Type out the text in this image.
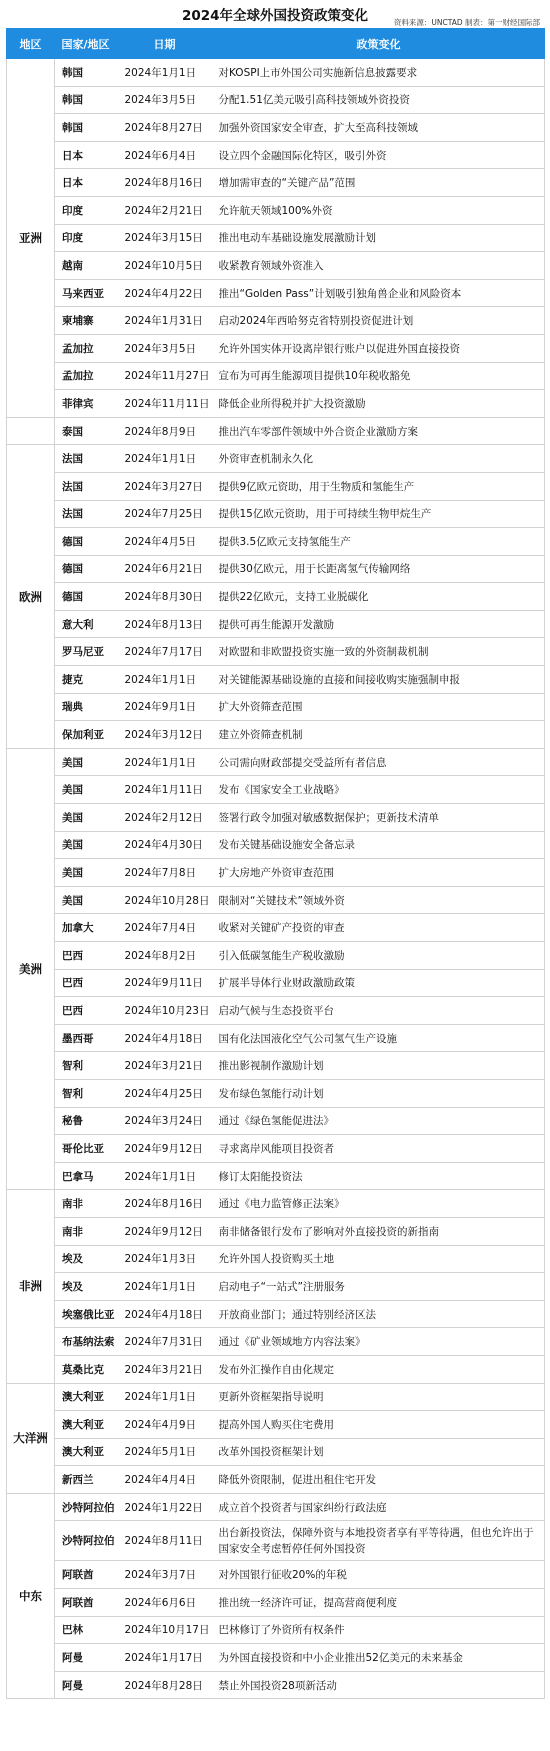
2024年全球外国投资政策变化	资料来源：UNCTAD 制表：第一财经国际部
地区	国家/地区	日期	政策变化
亚洲	韩国	2024年1月1日	对KOSPI上市外国公司实施新信息披露要求
	韩国	2024年3月5日	分配1.51亿美元吸引高科技领域外资投资
	韩国	2024年8月27日	加强外资国家安全审查，扩大至高科技领域
	日本	2024年6月4日	设立四个金融国际化特区，吸引外资
	日本	2024年8月16日	增加需审查的“关键产品”范围
	印度	2024年2月21日	允许航天领域100%外资
	印度	2024年3月15日	推出电动车基础设施发展激励计划
	越南	2024年10月5日	收紧教育领域外资准入
	马来西亚	2024年4月22日	推出“Golden Pass”计划吸引独角兽企业和风险资本
	柬埔寨	2024年1月31日	启动2024年西哈努克省特别投资促进计划
	孟加拉	2024年3月5日	允许外国实体开设离岸银行账户以促进外国直接投资
	孟加拉	2024年11月27日	宣布为可再生能源项目提供10年税收豁免
	菲律宾	2024年11月11日	降低企业所得税并扩大投资激励
	泰国	2024年8月9日	推出汽车零部件领域中外合资企业激励方案
欧洲	法国	2024年1月1日	外资审查机制永久化
	法国	2024年3月27日	提供9亿欧元资助，用于生物质和氢能生产
	法国	2024年7月25日	提供15亿欧元资助，用于可持续生物甲烷生产
	德国	2024年4月5日	提供3.5亿欧元支持氢能生产
	德国	2024年6月21日	提供30亿欧元，用于长距离氢气传输网络
	德国	2024年8月30日	提供22亿欧元，支持工业脱碳化
	意大利	2024年8月13日	提供可再生能源开发激励
	罗马尼亚	2024年7月17日	对欧盟和非欧盟投资实施一致的外资制裁机制
	捷克	2024年1月1日	对关键能源基础设施的直接和间接收购实施强制申报
	瑞典	2024年9月1日	扩大外资筛查范围
	保加利亚	2024年3月12日	建立外资筛查机制
美洲	美国	2024年1月1日	公司需向财政部提交受益所有者信息
	美国	2024年1月11日	发布《国家安全工业战略》
	美国	2024年2月12日	签署行政令加强对敏感数据保护；更新技术清单
	美国	2024年4月30日	发布关键基础设施安全备忘录
	美国	2024年7月8日	扩大房地产外资审查范围
	美国	2024年10月28日	限制对“关键技术”领域外资
	加拿大	2024年7月4日	收紧对关键矿产投资的审查
	巴西	2024年8月2日	引入低碳氢能生产税收激励
	巴西	2024年9月11日	扩展半导体行业财政激励政策
	巴西	2024年10月23日	启动气候与生态投资平台
	墨西哥	2024年4月18日	国有化法国液化空气公司氢气生产设施
	智利	2024年3月21日	推出影视制作激励计划
	智利	2024年4月25日	发布绿色氢能行动计划
	秘鲁	2024年3月24日	通过《绿色氢能促进法》
	哥伦比亚	2024年9月12日	寻求离岸风能项目投资者
	巴拿马	2024年1月1日	修订太阳能投资法
非洲	南非	2024年8月16日	通过《电力监管修正法案》
	南非	2024年9月12日	南非储备银行发布了影响对外直接投资的新指南
	埃及	2024年1月3日	允许外国人投资购买土地
	埃及	2024年1月1日	启动电子“一站式”注册服务
	埃塞俄比亚	2024年4月18日	开放商业部门；通过特别经济区法
	布基纳法索	2024年7月31日	通过《矿业领域地方内容法案》
	莫桑比克	2024年3月21日	发布外汇操作自由化规定
大洋洲	澳大利亚	2024年1月1日	更新外资框架指导说明
	澳大利亚	2024年4月9日	提高外国人购买住宅费用
	澳大利亚	2024年5月1日	改革外国投资框架计划
	新西兰	2024年4月4日	降低外资限制，促进出租住宅开发
中东	沙特阿拉伯	2024年1月22日	成立首个投资者与国家纠纷行政法庭
	沙特阿拉伯	2024年8月11日	出台新投资法，保障外资与本地投资者享有平等待遇，但也允许出于国家安全考虑暂停任何外国投资
	阿联酋	2024年3月7日	对外国银行征收20%的年税
	阿联酋	2024年6月6日	推出统一经济许可证，提高营商便利度
	巴林	2024年10月17日	巴林修订了外资所有权条件
	阿曼	2024年1月17日	为外国直接投资和中小企业推出52亿美元的未来基金
	阿曼	2024年8月28日	禁止外国投资28项新活动
